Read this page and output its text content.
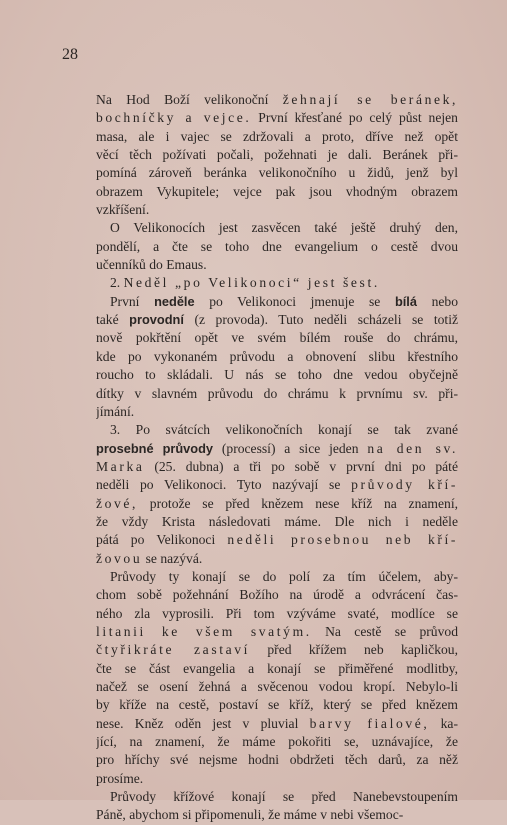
28
Na Hod Boží velikonoční žehnají se beránek,
bochníčky a vejce. První křesťané po celý půst nejen
masa, ale i vajec se zdržovali a proto, dříve než opět
věcí těch požívati počali, požehnati je dali. Beránek při-
pomíná zároveň beránka velikonočního u židů, jenž byl
obrazem Vykupitele; vejce pak jsou vhodným obrazem
vzkříšení.
O Velikonocích jest zasvěcen také ještě druhý den,
pondělí, a čte se toho dne evangelium o cestě dvou
učenníků do Emaus.
2. Neděl „po Velikonoci“ jest šest.
První neděle po Velikonoci jmenuje se bílá nebo
také provodní (z provoda). Tuto neděli scházeli se totiž
nově pokřtění opět ve svém bílém rouše do chrámu,
kde po vykonaném průvodu a obnovení slibu křestního
roucho to skládali. U nás se toho dne vedou obyčejně
dítky v slavném průvodu do chrámu k prvnímu sv. při-
jímání.
3. Po svátcích velikonočních konají se tak zvané
prosebné průvody (processí) a sice jeden na den sv.
Marka (25. dubna) a tři po sobě v první dni po páté
neděli po Velikonoci. Tyto nazývají se průvody kří-
žové, protože se před knězem nese kříž na znamení,
že vždy Krista následovati máme. Dle nich i neděle
pátá po Velikonoci neděli prosebnou neb kří-
žovou se nazývá.
Průvody ty konají se do polí za tím účelem, aby-
chom sobě požehnání Božího na úrodě a odvrácení čas-
ného zla vyprosili. Při tom vzýváme svaté, modlíce se
litanii ke všem svatým. Na cestě se průvod
čtyřikráte zastaví před křížem neb kapličkou,
čte se část evangelia a konají se přiměřené modlitby,
načež se osení žehná a svěcenou vodou kropí. Nebylo-li
by kříže na cestě, postaví se kříž, který se před knězem
nese. Kněz oděn jest v pluvial barvy fialové, ka-
jící, na znamení, že máme pokořiti se, uznávajíce, že
pro hříchy své nejsme hodni obdržeti těch darů, za něž
prosíme.
Průvody křížové konají se před Nanebevstoupením
Páně, abychom si připomenuli, že máme v nebi všemoc-
